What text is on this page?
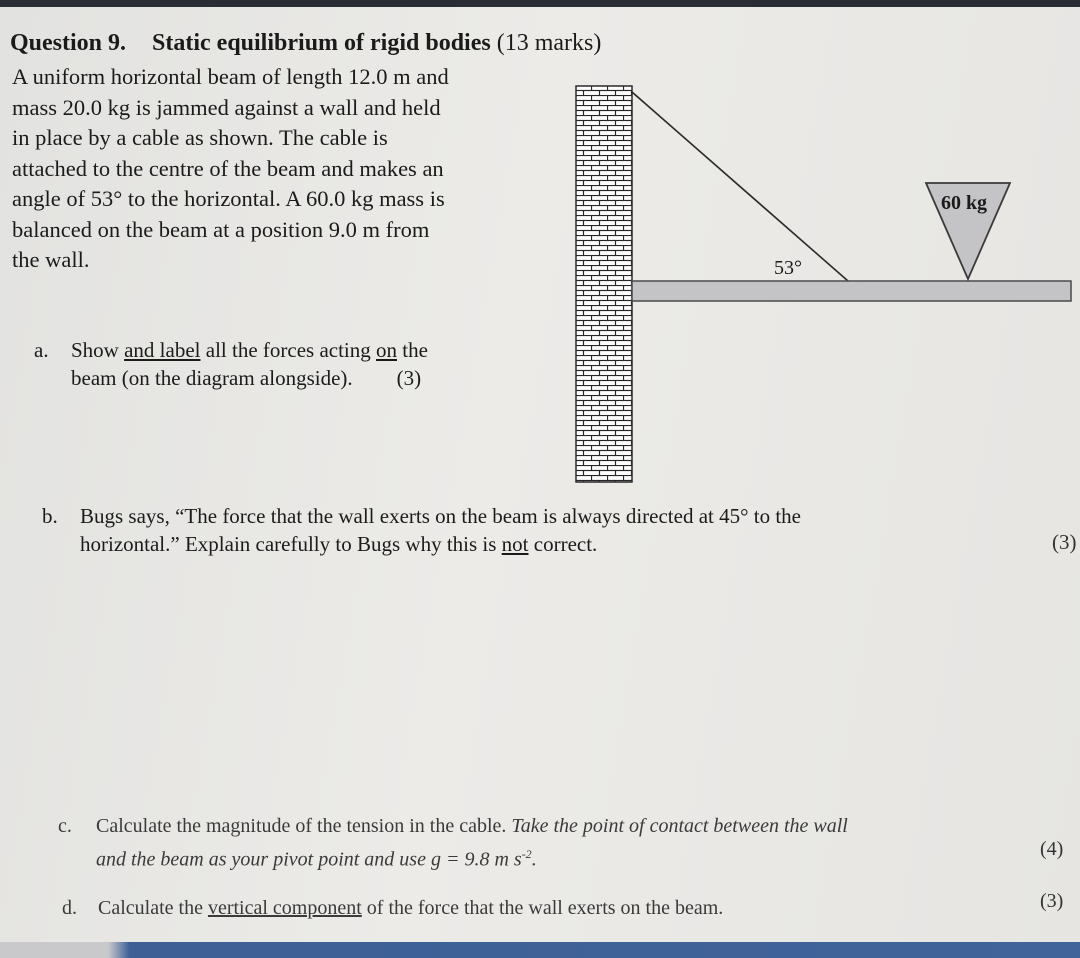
Question 9. Static equilibrium of rigid bodies (13 marks)
A uniform horizontal beam of length 12.0 m and
mass 20.0 kg is jammed against a wall and held
in place by a cable as shown. The cable is
attached to the centre of the beam and makes an
angle of 53° to the horizontal. A 60.0 kg mass is
balanced on the beam at a position 9.0 m from
the wall.
60 kg
53°
a. Show and label all the forces acting on the
beam (on the diagram alongside). (3)
b. Bugs says, “The force that the wall exerts on the beam is always directed at 45° to the
horizontal.” Explain carefully to Bugs why this is not correct.	(3)
c. Calculate the magnitude of the tension in the cable. Take the point of contact between the wall
and the beam as your pivot point and use g = 9.8 m $s^{-2}$.	(4)
d. Calculate the vertical component of the force that the wall exerts on the beam.	(3)
